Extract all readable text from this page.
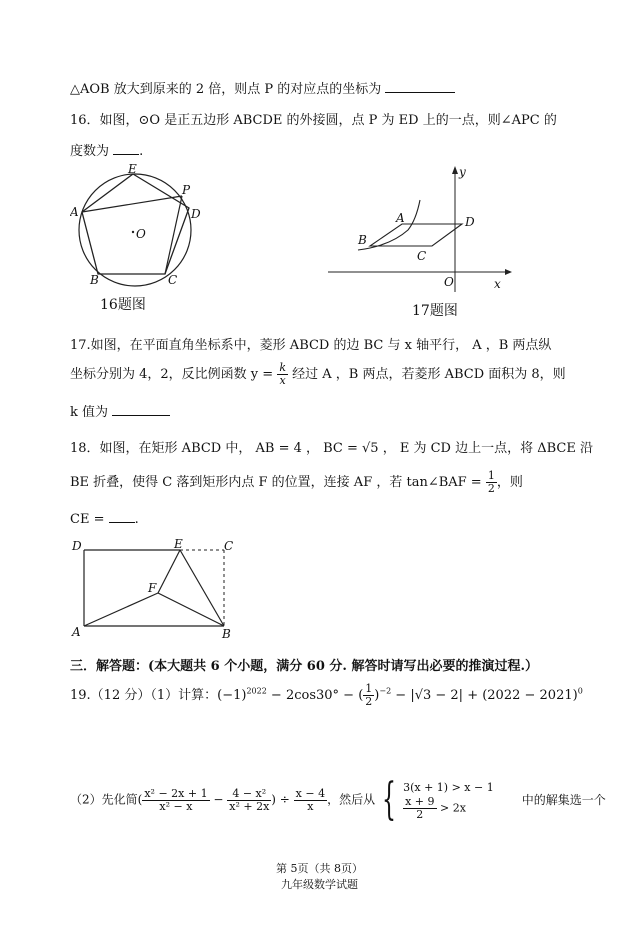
△AOB 放大到原来的 2 倍，则点 P 的对应点的坐标为
16．如图，⊙O 是正五边形 ABCDE 的外接圆，点 P 为 ED 上的一点，则∠APC 的
度数为 .
E
P
A	D
O
B	C
16题图
y
A	D
B
C
O	x
17题图
17.如图，在平面直角坐标系中，菱形 ABCD 的边 BC 与 x 轴平行， A ，B 两点纵
坐标分别为 4，2，反比例函数 $y = \frac{k}{x}$ 经过 A ，B 两点，若菱形 ABCD 面积为 8，则
k 值为
18．如图，在矩形 ABCD 中， AB = 4 ， BC = √5 ， E 为 CD 边上一点，将 ΔBCE 沿
BE 折叠，使得 C 落到矩形内点 F 的位置，连接 AF ，若 tan∠BAF = $\frac{1}{2}$ ，则
CE = .
D	E	C
F
A	B
三．解答题：(本大题共 6 个小题，满分 60 分. 解答时请写出必要的推演过程.）
19.（12 分）（1）计算：$(-1)^{2022} - 2\cos 30^\circ$ − ( $\frac{1}{2} )^{-2} - |√3 - 2| + (2022 - 2021)^0$
（2）先化简( $\frac{\text{x² − 2x + 1}}{\text{x² − x}} - \frac{\text{4 − x²}}{\text{x² + 2x}}$ ) ÷ $\frac{x - 4}{x}$ ，然后从 { 3(x + 1) > x − 1
$\frac{x + 9}{2} > 2x$
中的解集选一个
第 5页（共 8页）
九年级数学试题
